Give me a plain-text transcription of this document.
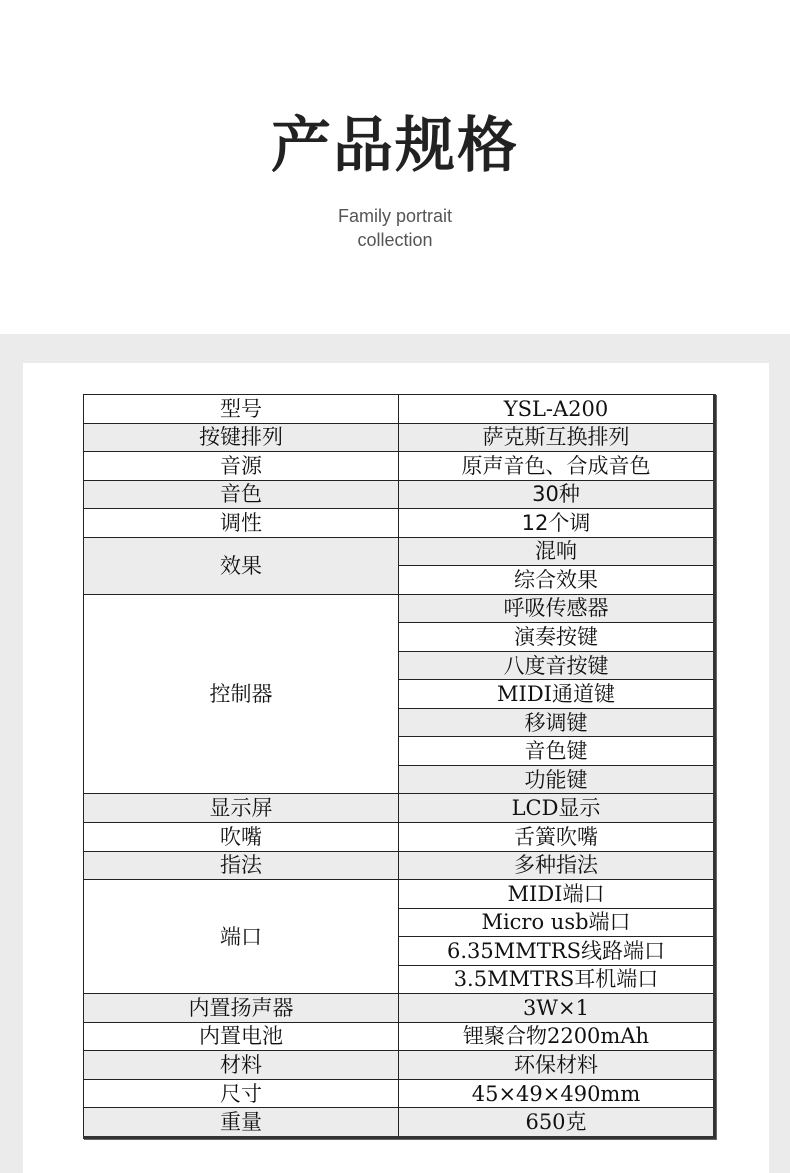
产品规格
Family portrait
collection
型号	YSL-A200
按键排列	萨克斯互换排列
音源	原声音色、合成音色
音色	30种
调性	12个调
效果	混响
	综合效果
控制器	呼吸传感器
	演奏按键
	八度音按键
	MIDI通道键
	移调键
	音色键
	功能键
显示屏	LCD显示
吹嘴	舌簧吹嘴
指法	多种指法
端口	MIDI端口
	Micro usb端口
	6.35MMTRS线路端口
	3.5MMTRS耳机端口
内置扬声器	3W×1
内置电池	锂聚合物2200mAh
材料	环保材料
尺寸	45×49×490mm
重量	650克
